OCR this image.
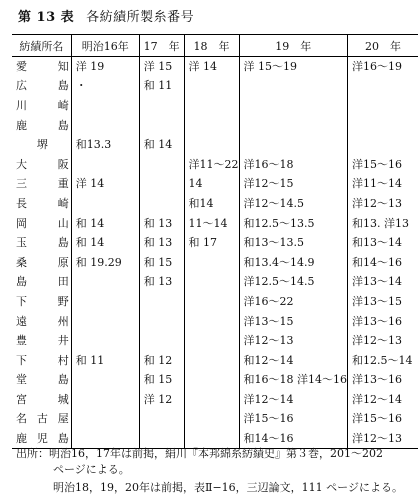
第 13 表 各紡績所製糸番号
紡績所名	明治16年	17　年	18　年	19　年	20　年

愛 知	洋 19	洋 15	洋 14	洋 15〜19	洋16〜19

広 島	・	和 11			

川 崎					

鹿 島					

堺	和13.3	和 14			

大 阪			洋11〜22	洋16〜18	洋15〜16

三 重	洋 14		14	洋12〜15	洋11〜14

長 崎			和14	洋12〜14.5	洋12〜13

岡 山	和 14	和 13	11〜14	和12.5〜13.5	和13. 洋13

玉 島	和 14	和 13	和 17	和13〜13.5	和13〜14

桑 原	和 19.29	和 15		和13.4〜14.9	和14〜16

島 田		和 13		洋12.5〜14.5	洋13〜14

下 野				洋16〜22	洋13〜15

遠 州				洋13〜15	洋13〜16

豊 井				洋12〜13	洋12〜13

下 村	和 11	和 12		和12〜14	和12.5〜14

堂 島		和 15		和16〜18 洋14〜16	洋13〜16

宮 城		洋 12		洋12〜14	洋12〜14

名 古 屋				洋15〜16	洋15〜16

鹿 児 島				和14〜16	洋12〜13
出所：明治16，17年は前掲，絹川『本邦綿糸紡績史』第３巻，201〜202
ページによる。
明治18，19，20年は前掲，表Ⅱ−16，三辺論文，111 ページによる。
